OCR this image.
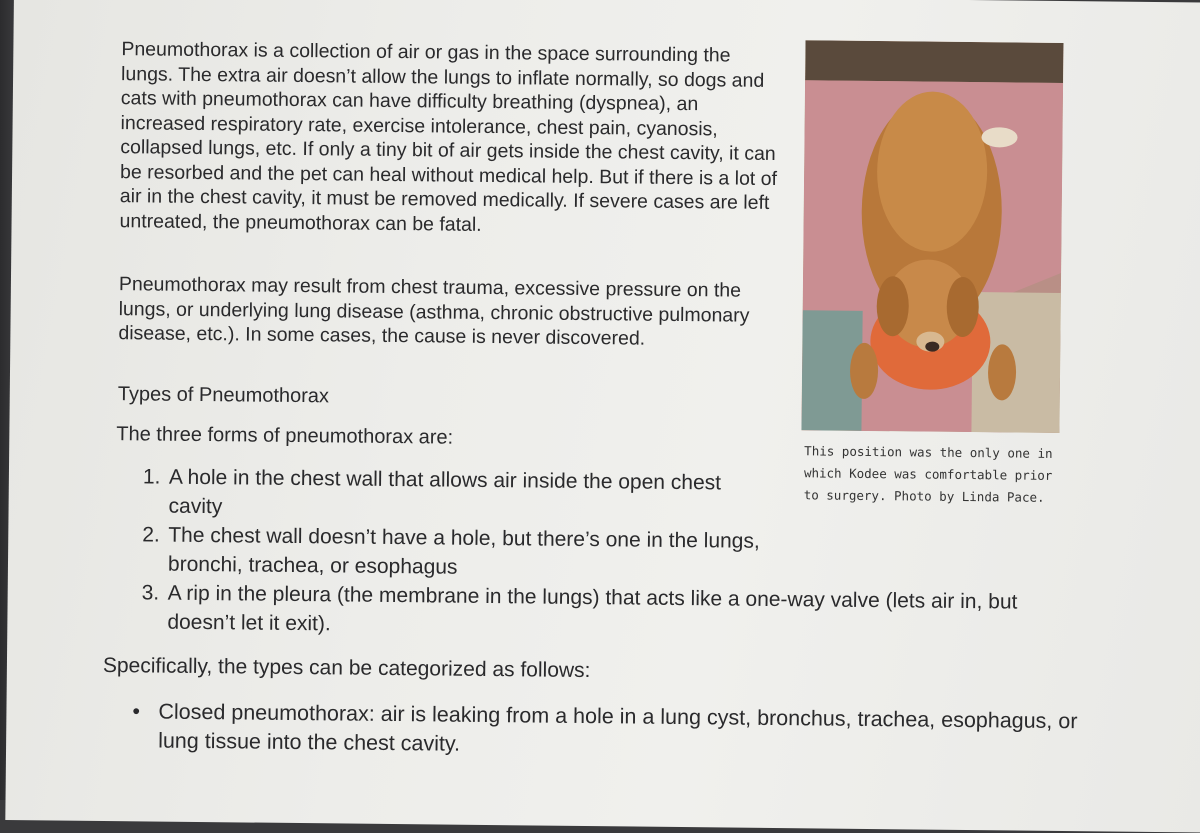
Pneumothorax is a collection of air or gas in the space surrounding the lungs. The extra air doesn’t allow the lungs to inflate normally, so dogs and cats with pneumothorax can have difficulty breathing (dyspnea), an increased respiratory rate, exercise intolerance, chest pain, cyanosis, collapsed lungs, etc. If only a tiny bit of air gets inside the chest cavity, it can be resorbed and the pet can heal without medical help. But if there is a lot of air in the chest cavity, it must be removed medically. If severe cases are left untreated, the pneumothorax can be fatal.

Pneumothorax may result from chest trauma, excessive pressure on the lungs, or underlying lung disease (asthma, chronic obstructive pulmonary disease, etc.). In some cases, the cause is never discovered.

Types of Pneumothorax

The three forms of pneumothorax are:

1. A hole in the chest wall that allows air inside the open chest cavity
2. The chest wall doesn’t have a hole, but there’s one in the lungs, bronchi, trachea, or esophagus
3. A rip in the pleura (the membrane in the lungs) that acts like a one-way valve (lets air in, but doesn’t let it exit).

Specifically, the types can be categorized as follows:

• Closed pneumothorax: air is leaking from a hole in a lung cyst, bronchus, trachea, esophagus, or lung tissue into the chest cavity.

This position was the only one in which Kodee was comfortable prior to surgery. Photo by Linda Pace.
